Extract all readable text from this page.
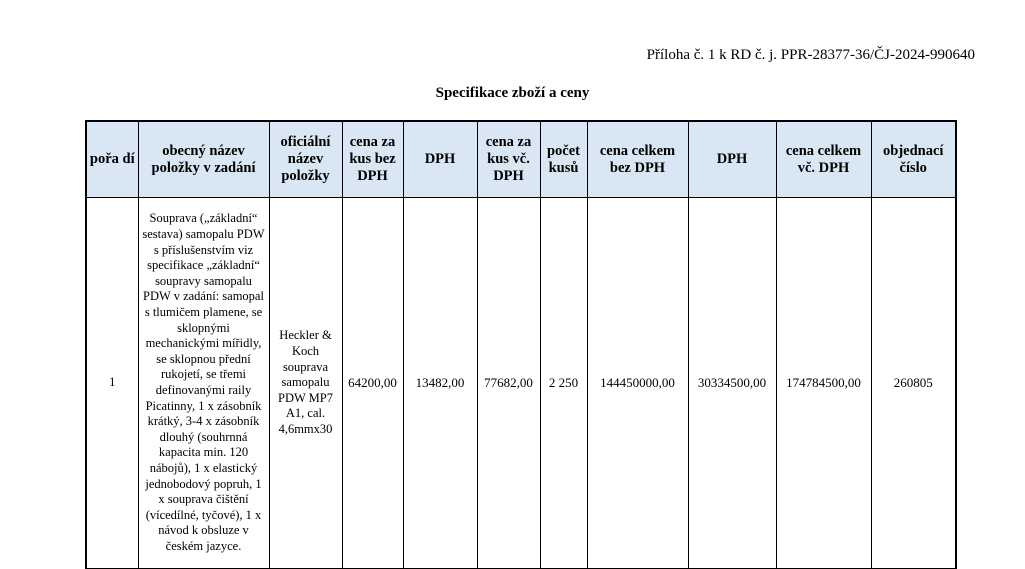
Příloha č. 1 k RD č. j. PPR-28377-36/ČJ-2024-990640
Specifikace zboží a ceny
pořa dí	obecný název položky v zadání	oficiální název položky	cena za kus bez DPH	DPH	cena za kus vč. DPH	počet kusů	cena celkem bez DPH	DPH	cena celkem vč. DPH	objednací číslo
1	Souprava („základní“ sestava) samopalu PDW s příslušenstvím viz specifikace „základní“ soupravy samopalu PDW v zadání: samopal s tlumičem plamene, se sklopnými mechanickými mířidly, se sklopnou přední rukojetí, se třemi definovanými raily Picatinny, 1 x zásobník krátký, 3-4 x zásobník dlouhý (souhrnná kapacita min. 120 nábojů), 1 x elastický jednobodový popruh, 1 x souprava čištění (vícedílné, tyčové), 1 x návod k obsluze v českém jazyce.	Heckler & Koch souprava samopalu PDW MP7 A1, cal. 4,6mmx30	64200,00	13482,00	77682,00	2 250	144450000,00	30334500,00	174784500,00	260805
